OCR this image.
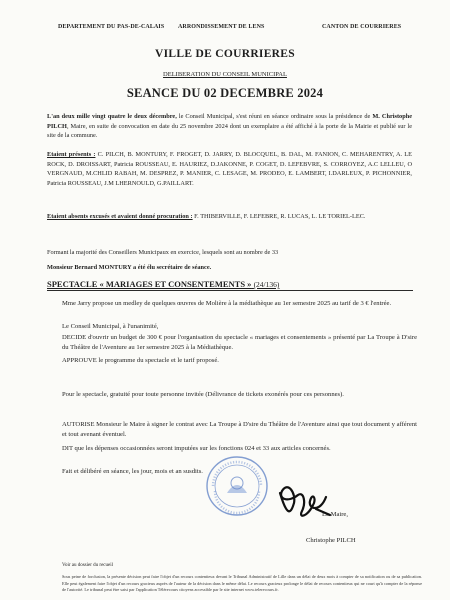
DEPARTEMENT DU PAS-DE-CALAIS ARRONDISSEMENT DE LENS	CANTON DE COURRIERES
VILLE DE COURRIERES
DELIBERATION DU CONSEIL MUNICIPAL
SEANCE DU 02 DECEMBRE 2024
L'an deux mille vingt quatre le deux décembre, le Conseil Municipal, s'est réuni en séance ordinaire sous la présidence de M. Christophe PILCH, Maire, en suite de convocation en date du 25 novembre 2024 dont un exemplaire a été affiché à la porte de la Mairie et publié sur le site de la commune.
Etaient présents : C. PILCH, B. MONTURY, F. FROGET, D. JARRY, D. BLOCQUEL, B. DAL, M. FANION, C. MEHARENTRY, A. LE ROCK, D. DROISSART, Patricia ROUSSEAU, E. HAURIEZ, D.JAKONNE, P. COGET, D. LEFEBVRE, S. CORROYEZ, A.C LELLEU, O VERGNAUD, M.CHLID RABAH, M. DESPREZ, P. MANIER, C. LESAGE, M. PRODEO, E. LAMBERT, I.DARLEUX, P. PICHONNIER, Patricia ROUSSEAU, J.M LHERNOULD, G.PAILLART.
Etaient absents excusés et avaient donné procuration : F. THIBERVILLE, F. LEFEBRE, R. LUCAS, L. LE TORIEL-LEC.
Formant la majorité des Conseillers Municipaux en exercice, lesquels sont au nombre de 33
Monsieur Bernard MONTURY a été élu secrétaire de séance.
SPECTACLE « MARIAGES ET CONSENTEMENTS » (24/136)
Mme Jarry propose un medley de quelques œuvres de Molière à la médiathèque au 1er semestre 2025 au tarif de 3 € l'entrée.
Le Conseil Municipal, à l'unanimité,
DECIDE d'ouvrir un budget de 300 € pour l'organisation du spectacle « mariages et consentements » présenté par La Troupe à D'sire du Théâtre de l'Aventure au 1er semestre 2025 à la Médiathèque.
APPROUVE le programme du spectacle et le tarif proposé.
Pour le spectacle, gratuité pour toute personne invitée (Délivrance de tickets exonérés pour ces personnes).
AUTORISE Monsieur le Maire à signer le contrat avec La Troupe à D'sire du Théâtre de l'Aventure ainsi que tout document y afférent et tout avenant éventuel.
DIT que les dépenses occasionnées seront imputées sur les fonctions 024 et 33 aux articles concernés.
Fait et délibéré en séance, les jour, mois et an susdits.
Le Maire,
Christophe PILCH
Voir au dossier du recueil
Sous peine de forclusion, la présente décision peut faire l'objet d'un recours contentieux devant le Tribunal Administratif de Lille dans un délai de deux mois à compter de sa notification ou de sa publication. Elle peut également faire l'objet d'un recours gracieux auprès de l'auteur de la décision dans le même délai. Le recours gracieux prolonge le délai de recours contentieux qui ne court qu'à compter de la réponse de l'autorité. Le tribunal peut être saisi par l'application Télérecours citoyens accessible par le site internet www.telerecours.fr.
